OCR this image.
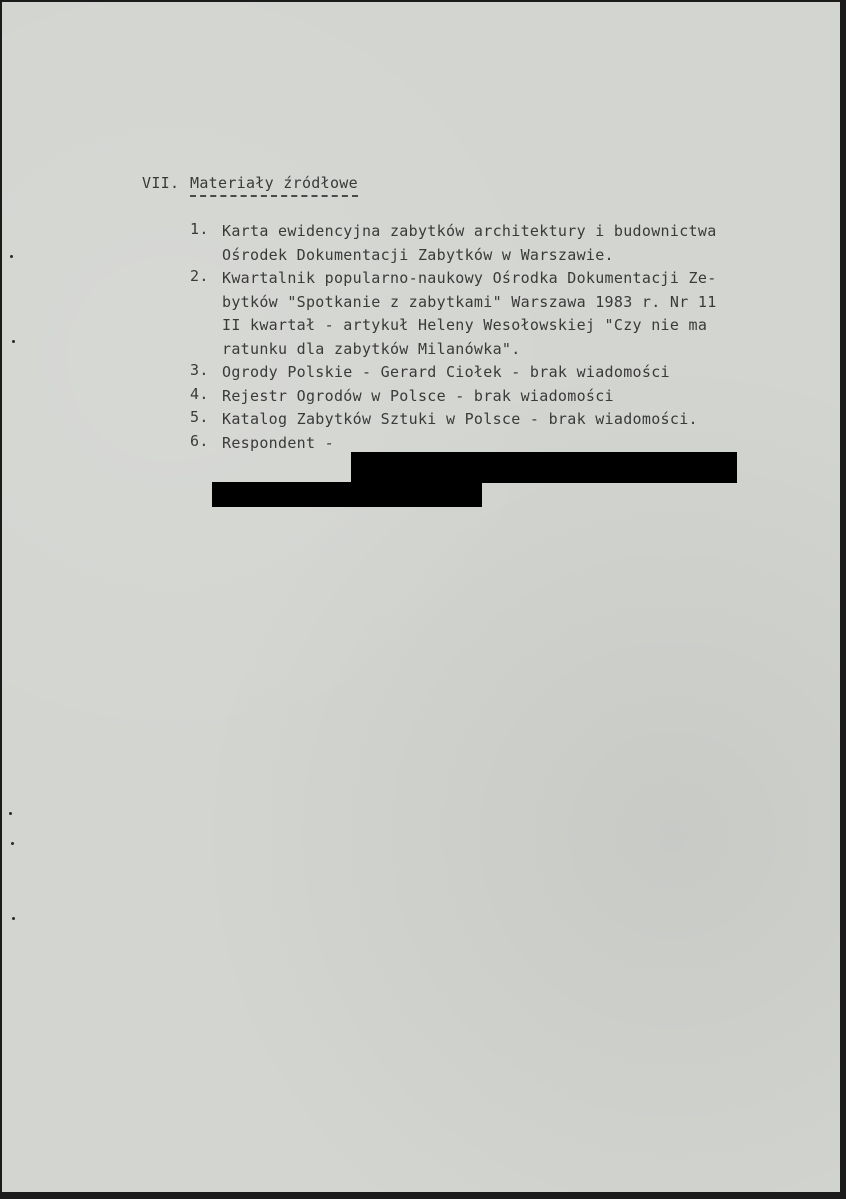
VII. Materiały źródłowe
1. Karta ewidencyjna zabytków architektury i budownictwa
Ośrodek Dokumentacji Zabytków w Warszawie.
2. Kwartalnik popularno-naukowy Ośrodka Dokumentacji Ze-
bytków "Spotkanie z zabytkami" Warszawa 1983 r. Nr 11
II kwartał - artykuł Heleny Wesołowskiej "Czy nie ma
ratunku dla zabytków Milanówka".
3. Ogrody Polskie - Gerard Ciołek - brak wiadomości
4. Rejestr Ogrodów w Polsce - brak wiadomości
5. Katalog Zabytków Sztuki w Polsce - brak wiadomości.
6. Respondent -
